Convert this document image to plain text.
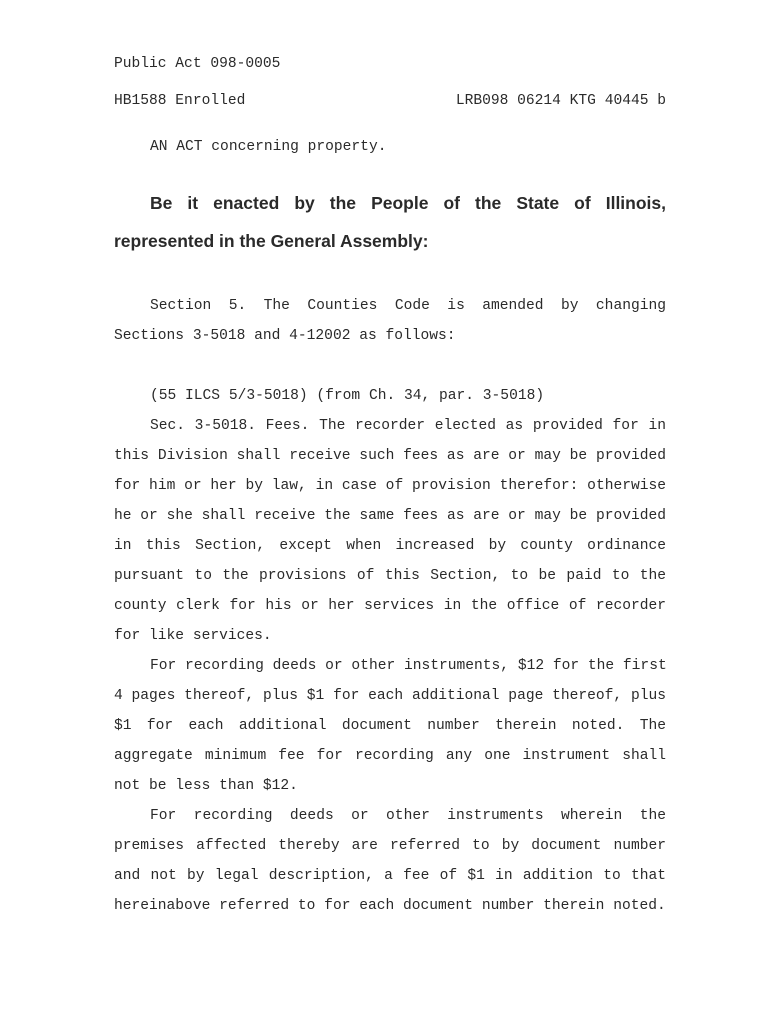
Public Act 098-0005
HB1588 Enrolled	LRB098 06214 KTG 40445 b
AN ACT concerning property.
Be it enacted by the People of the State of Illinois,
represented in the General Assembly:
Section 5. The Counties Code is amended by changing
Sections 3-5018 and 4-12002 as follows:
(55 ILCS 5/3-5018) (from Ch. 34, par. 3-5018)
Sec. 3-5018. Fees. The recorder elected as provided for in
this Division shall receive such fees as are or may be provided
for him or her by law, in case of provision therefor: otherwise
he or she shall receive the same fees as are or may be provided
in this Section, except when increased by county ordinance
pursuant to the provisions of this Section, to be paid to the
county clerk for his or her services in the office of recorder
for like services.
For recording deeds or other instruments, $12 for the first
4 pages thereof, plus $1 for each additional page thereof, plus
$1 for each additional document number therein noted. The
aggregate minimum fee for recording any one instrument shall
not be less than $12.
For recording deeds or other instruments wherein the
premises affected thereby are referred to by document number
and not by legal description, a fee of $1 in addition to that
hereinabove referred to for each document number therein noted.
